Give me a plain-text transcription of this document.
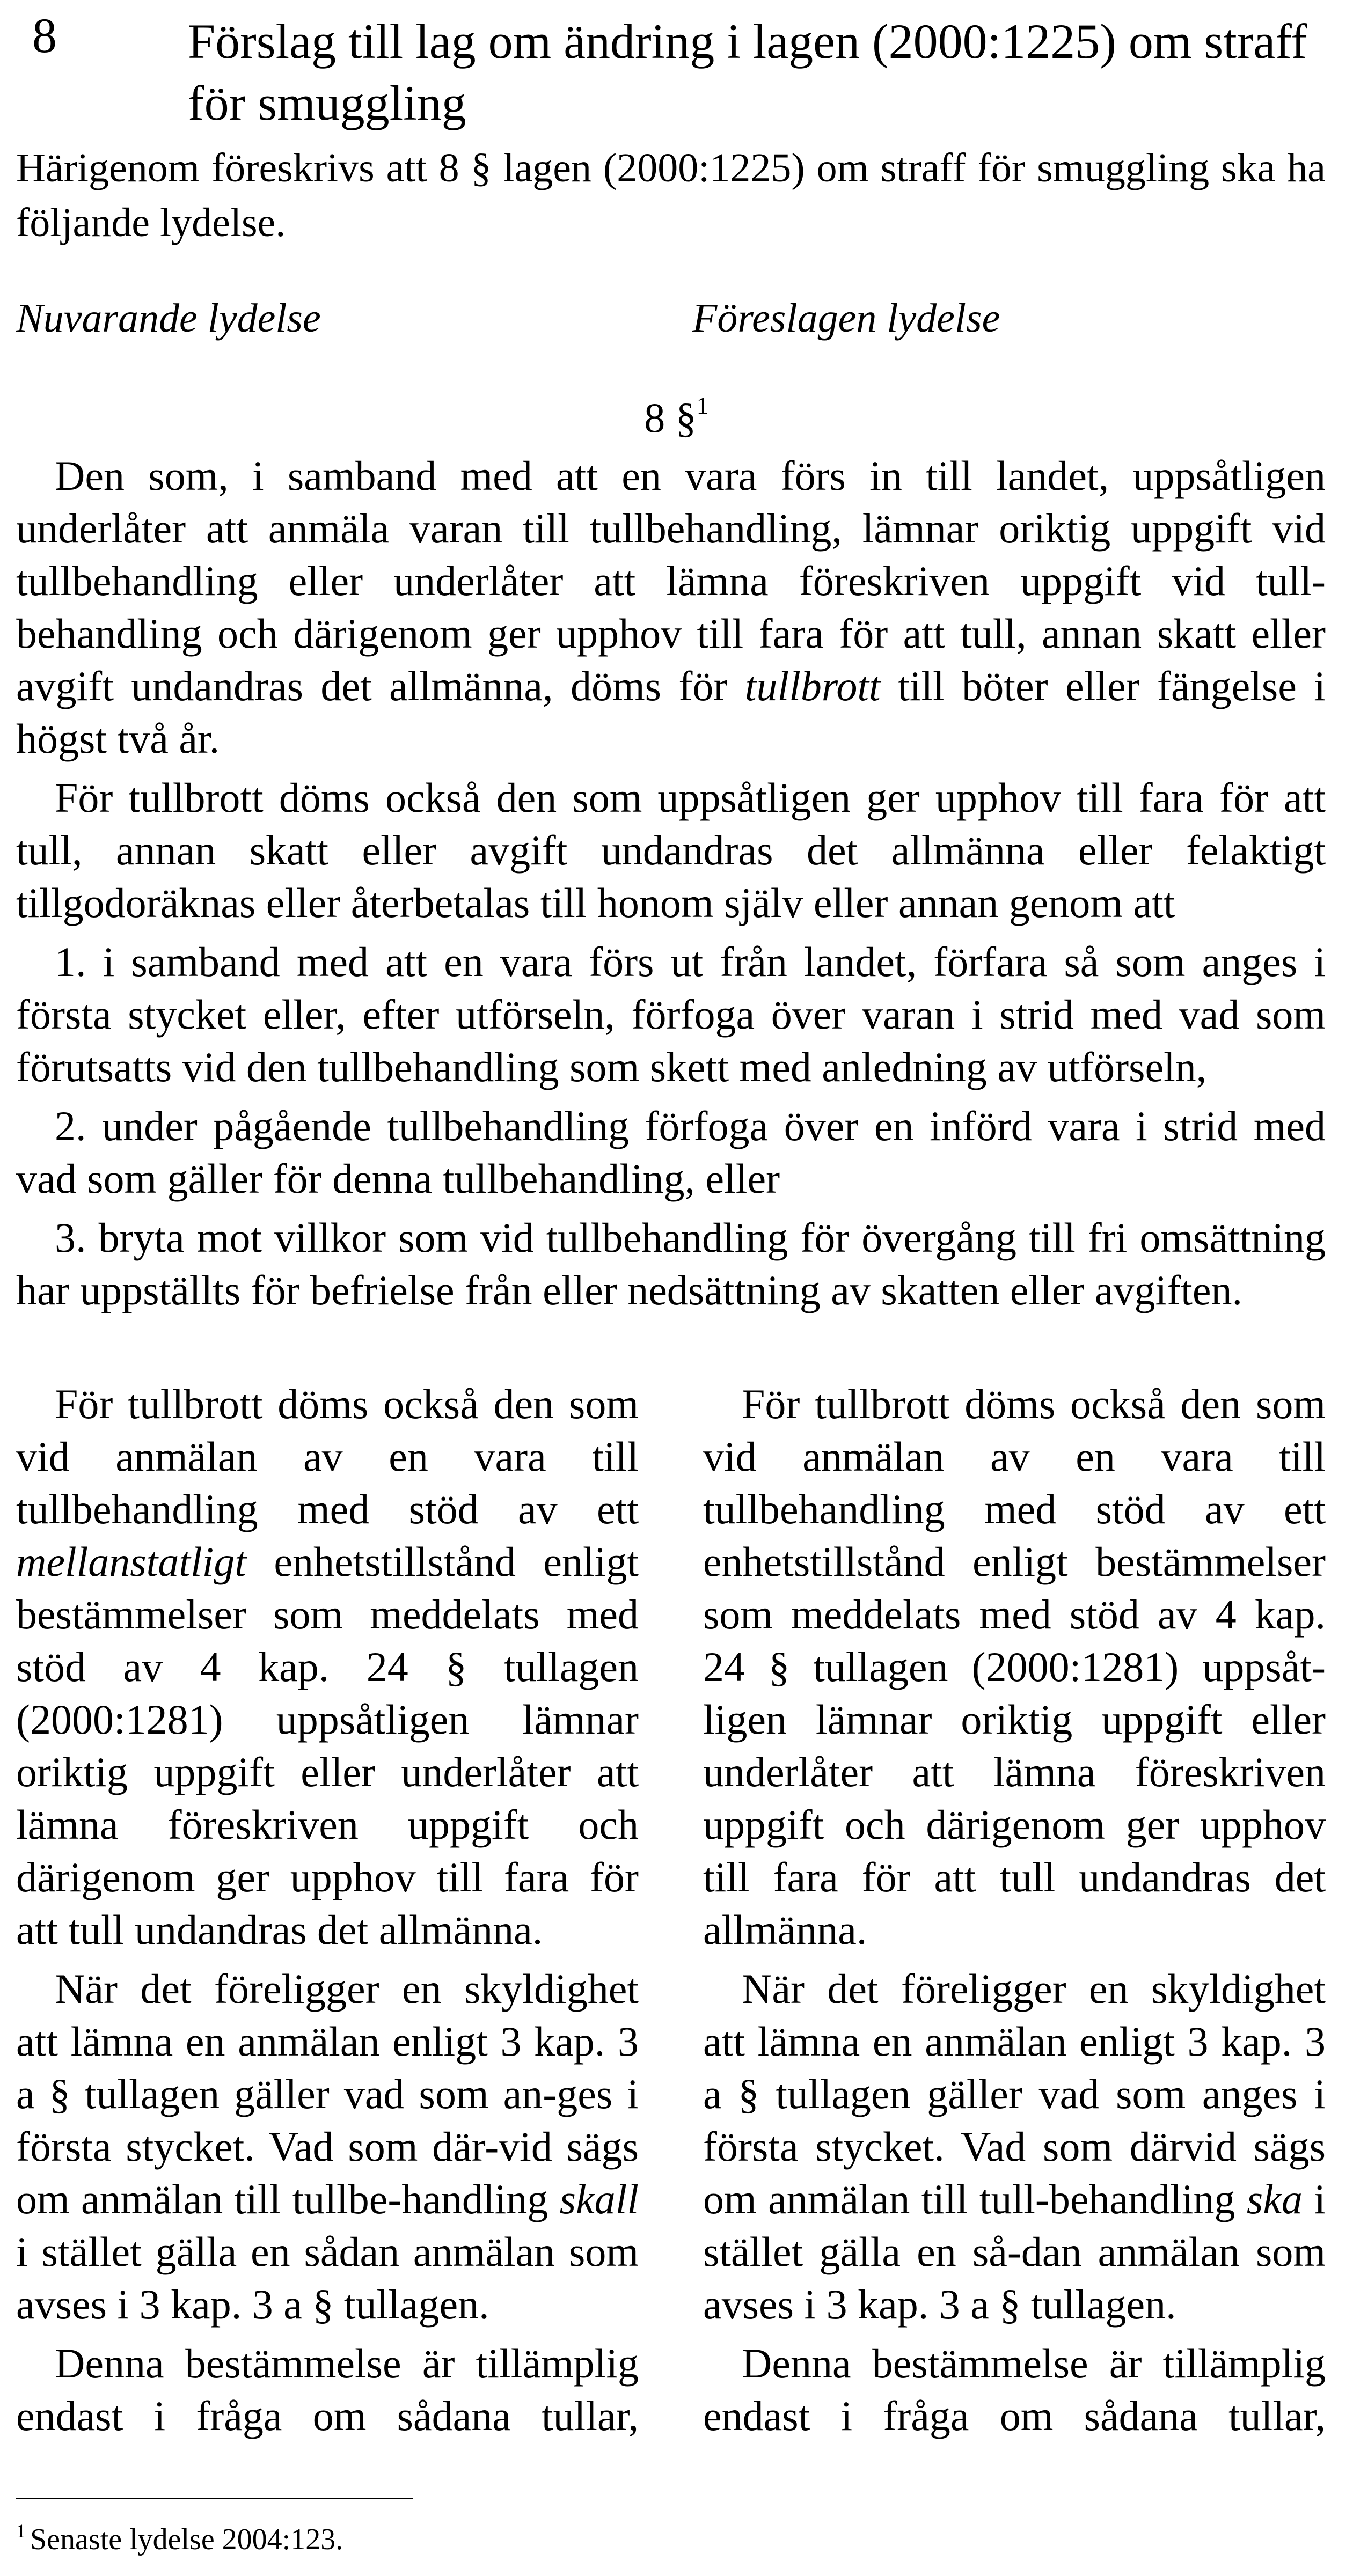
8	Förslag till lag om ändring i lagen (2000:1225) om straff för smuggling
Härigenom föreskrivs att 8 § lagen (2000:1225) om straff för smuggling ska ha följande lydelse.
Nuvarande lydelse	Föreslagen lydelse
8 §$^1$

Den som, i samband med att en vara förs in till landet, uppsåtligen underlåter att anmäla varan till tullbehandling, lämnar oriktig uppgift vid tullbehandling eller underlåter att lämna föreskriven uppgift vid tull-behandling och därigenom ger upphov till fara för att tull, annan skatt eller avgift undandras det allmänna, döms för tullbrott till böter eller fängelse i högst två år.

För tullbrott döms också den som uppsåtligen ger upphov till fara för att tull, annan skatt eller avgift undandras det allmänna eller felaktigt tillgodoräknas eller återbetalas till honom själv eller annan genom att

1. i samband med att en vara förs ut från landet, förfara så som anges i första stycket eller, efter utförseln, förfoga över varan i strid med vad som förutsatts vid den tullbehandling som skett med anledning av utförseln,

2. under pågående tullbehandling förfoga över en införd vara i strid med vad som gäller för denna tullbehandling, eller

3. bryta mot villkor som vid tullbehandling för övergång till fri omsättning har uppställts för befrielse från eller nedsättning av skatten eller avgiften.

För tullbrott döms också den som vid anmälan av en vara till tullbehandling med stöd av ett mellanstatligt enhetstillstånd enligt bestämmelser som meddelats med stöd av 4 kap. 24 § tullagen (2000:1281) uppsåtligen lämnar oriktig uppgift eller underlåter att lämna föreskriven uppgift och därigenom ger upphov till fara för att tull undandras det allmänna.

När det föreligger en skyldighet att lämna en anmälan enligt 3 kap. 3 a § tullagen gäller vad som an-ges i första stycket. Vad som där-vid sägs om anmälan till tullbe-handling skall i stället gälla en sådan anmälan som avses i 3 kap. 3 a § tullagen.

Denna bestämmelse är tillämplig endast i fråga om sådana tullar,

För tullbrott döms också den som vid anmälan av en vara till tullbehandling med stöd av ett enhetstillstånd enligt bestämmelser som meddelats med stöd av 4 kap. 24 § tullagen (2000:1281) uppsåt-ligen lämnar oriktig uppgift eller underlåter att lämna föreskriven uppgift och därigenom ger upphov till fara för att tull undandras det allmänna.

När det föreligger en skyldighet att lämna en anmälan enligt 3 kap. 3 a § tullagen gäller vad som anges i första stycket. Vad som därvid sägs om anmälan till tull-behandling ska i stället gälla en så-dan anmälan som avses i 3 kap. 3 a § tullagen.

Denna bestämmelse är tillämplig endast i fråga om sådana tullar,

$^1$ Senaste lydelse 2004:123.
